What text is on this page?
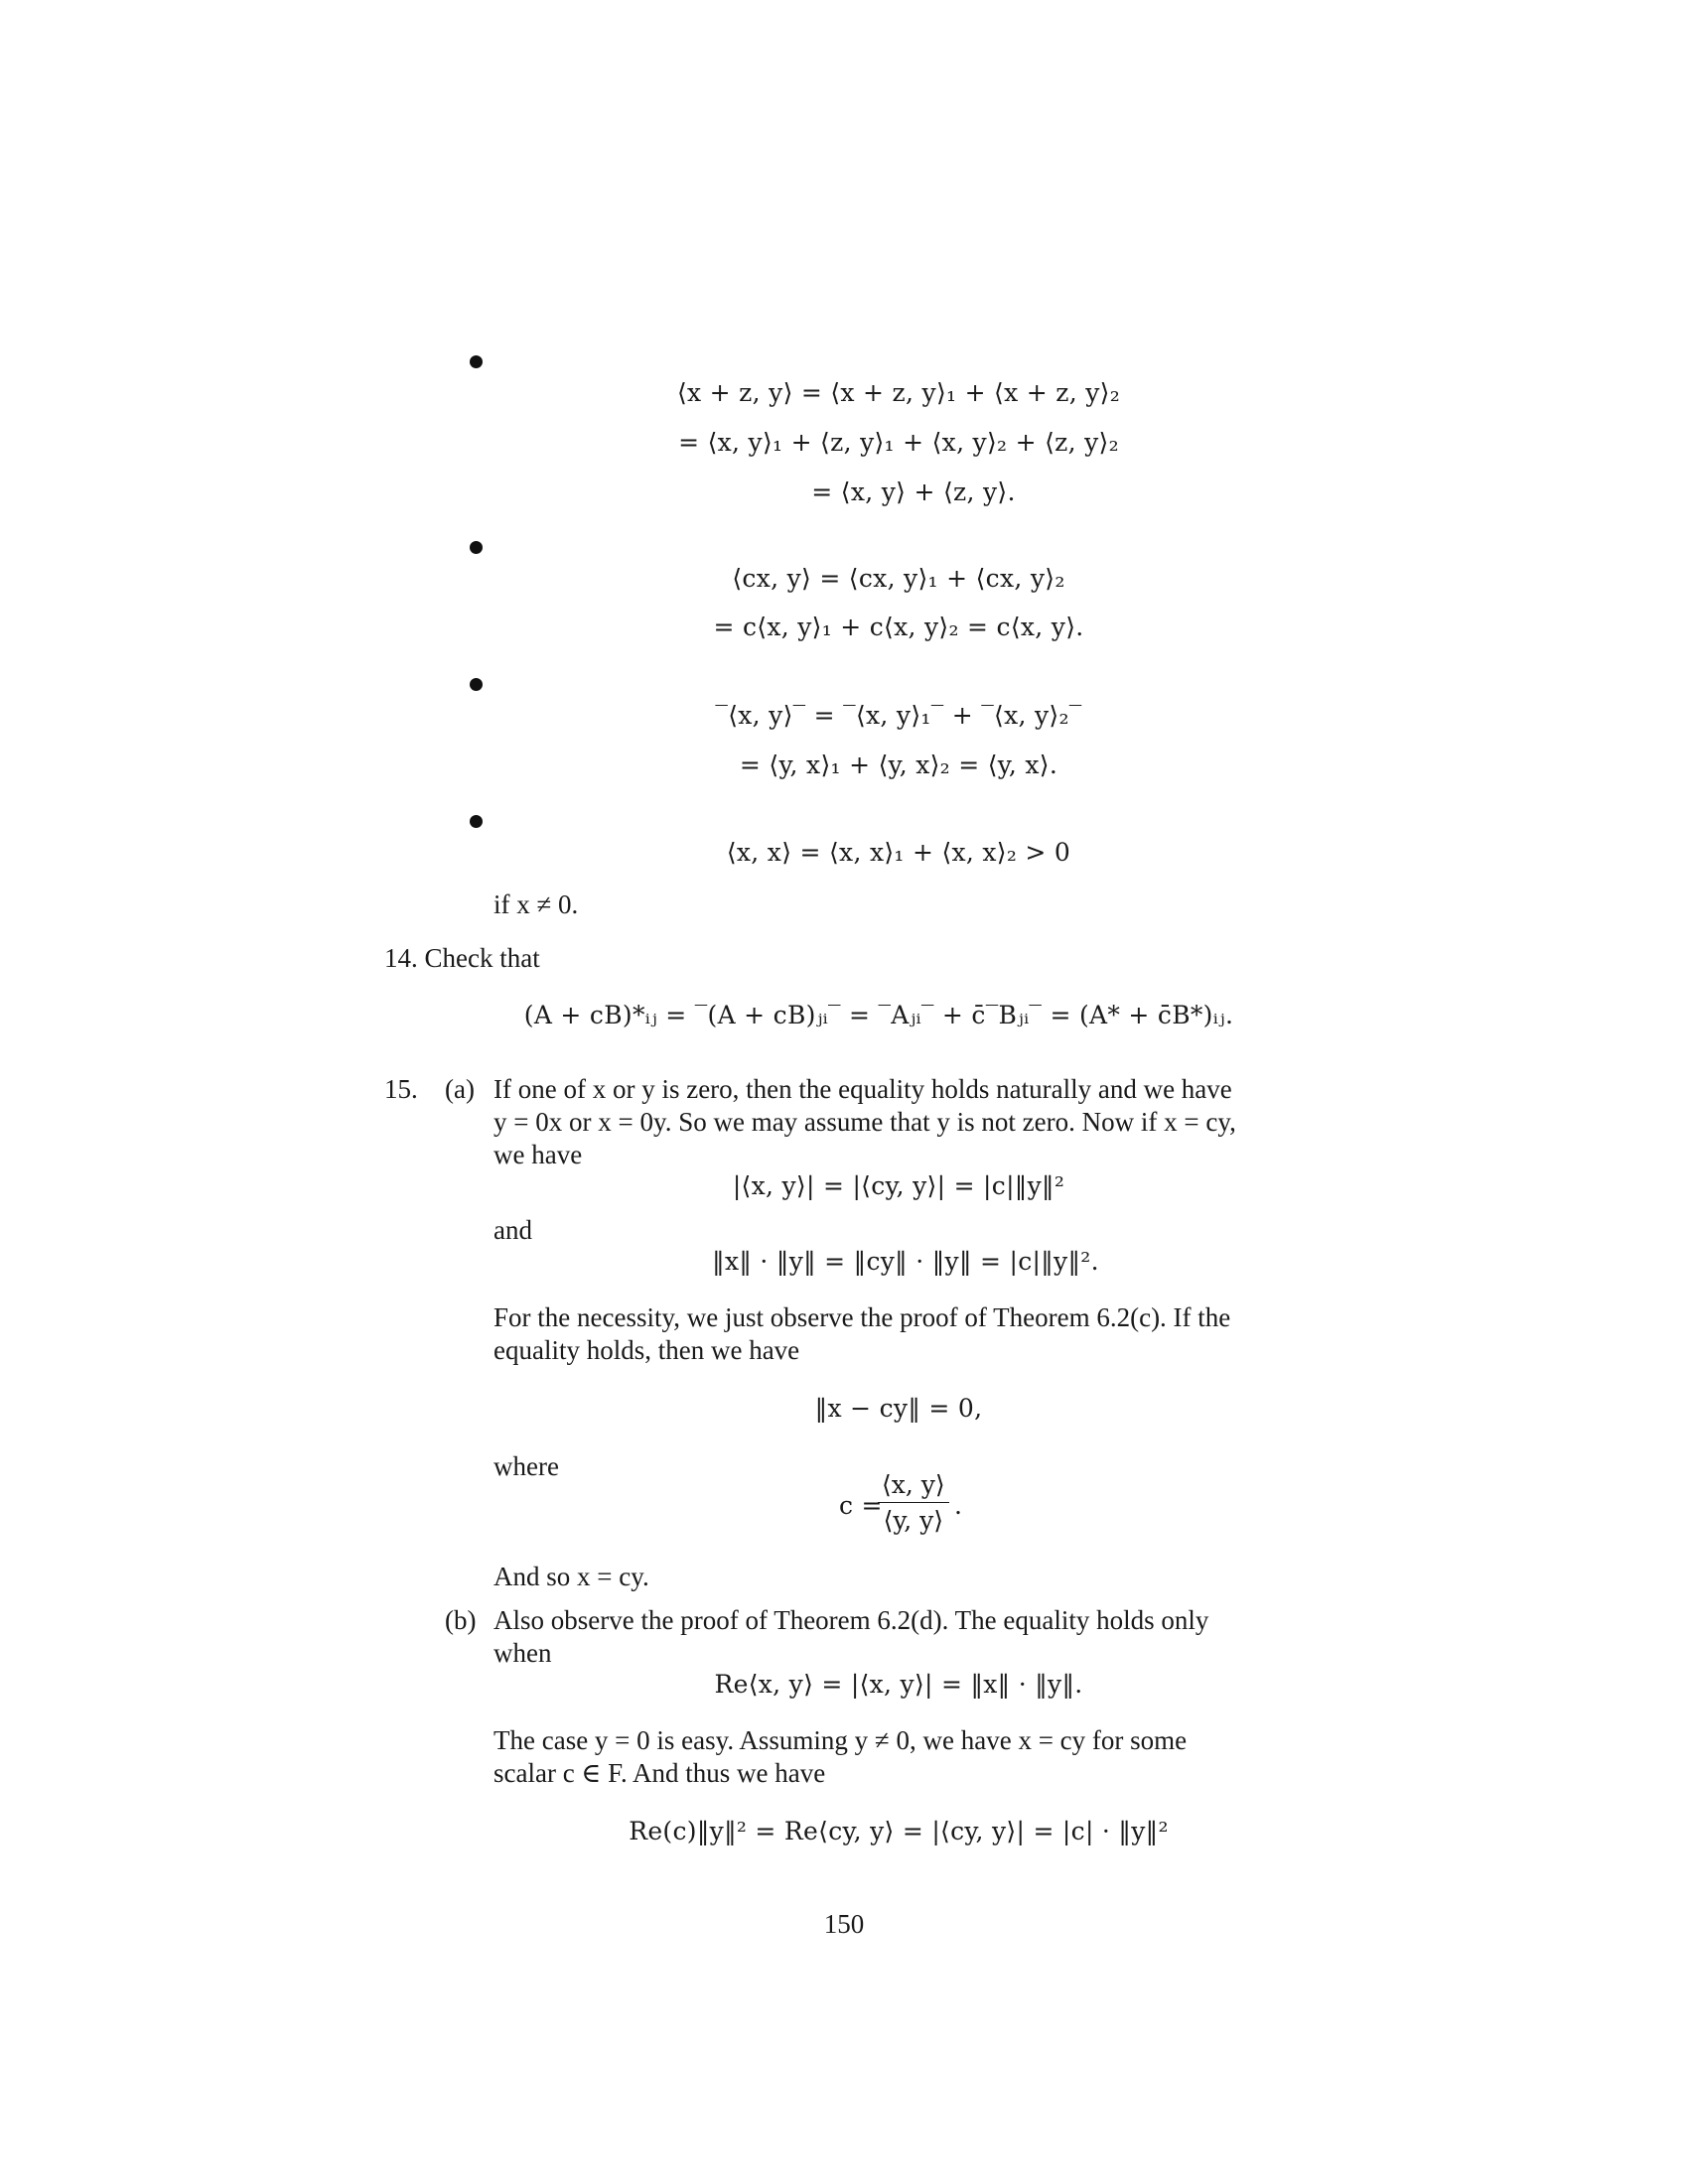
⟨x + z, y⟩ = ⟨x + z, y⟩₁ + ⟨x + z, y⟩₂
= ⟨x, y⟩₁ + ⟨z, y⟩₁ + ⟨x, y⟩₂ + ⟨z, y⟩₂
= ⟨x, y⟩ + ⟨z, y⟩.
⟨cx, y⟩ = ⟨cx, y⟩₁ + ⟨cx, y⟩₂
= c⟨x, y⟩₁ + c⟨x, y⟩₂ = c⟨x, y⟩.
‾⟨x, y⟩‾ = ‾⟨x, y⟩₁‾ + ‾⟨x, y⟩₂‾
= ⟨y, x⟩₁ + ⟨y, x⟩₂ = ⟨y, x⟩.
⟨x, x⟩ = ⟨x, x⟩₁ + ⟨x, x⟩₂ > 0
if x ≠ 0.
14. Check that
(A + cB)*ᵢⱼ = ‾(A + cB)ⱼᵢ‾ = ‾Aⱼᵢ‾ + c̄‾Bⱼᵢ‾ = (A* + c̄B*)ᵢⱼ.
15. (a) If one of x or y is zero, then the equality holds naturally and we have
y = 0x or x = 0y. So we may assume that y is not zero. Now if x = cy,
we have
|⟨x, y⟩| = |⟨cy, y⟩| = |c|‖y‖²
and
‖x‖ · ‖y‖ = ‖cy‖ · ‖y‖ = |c|‖y‖².
For the necessity, we just observe the proof of Theorem 6.2(c). If the
equality holds, then we have
‖x − cy‖ = 0,
where
c =
$\frac{⟨x, y⟩}{⟨y, y⟩}$ .
And so x = cy.
(b) Also observe the proof of Theorem 6.2(d). The equality holds only
when
Re⟨x, y⟩ = |⟨x, y⟩| = ‖x‖ · ‖y‖.
The case y = 0 is easy. Assuming y ≠ 0, we have x = cy for some
scalar c ∈ F. And thus we have
Re(c)‖y‖² = Re⟨cy, y⟩ = |⟨cy, y⟩| = |c| · ‖y‖²
150
